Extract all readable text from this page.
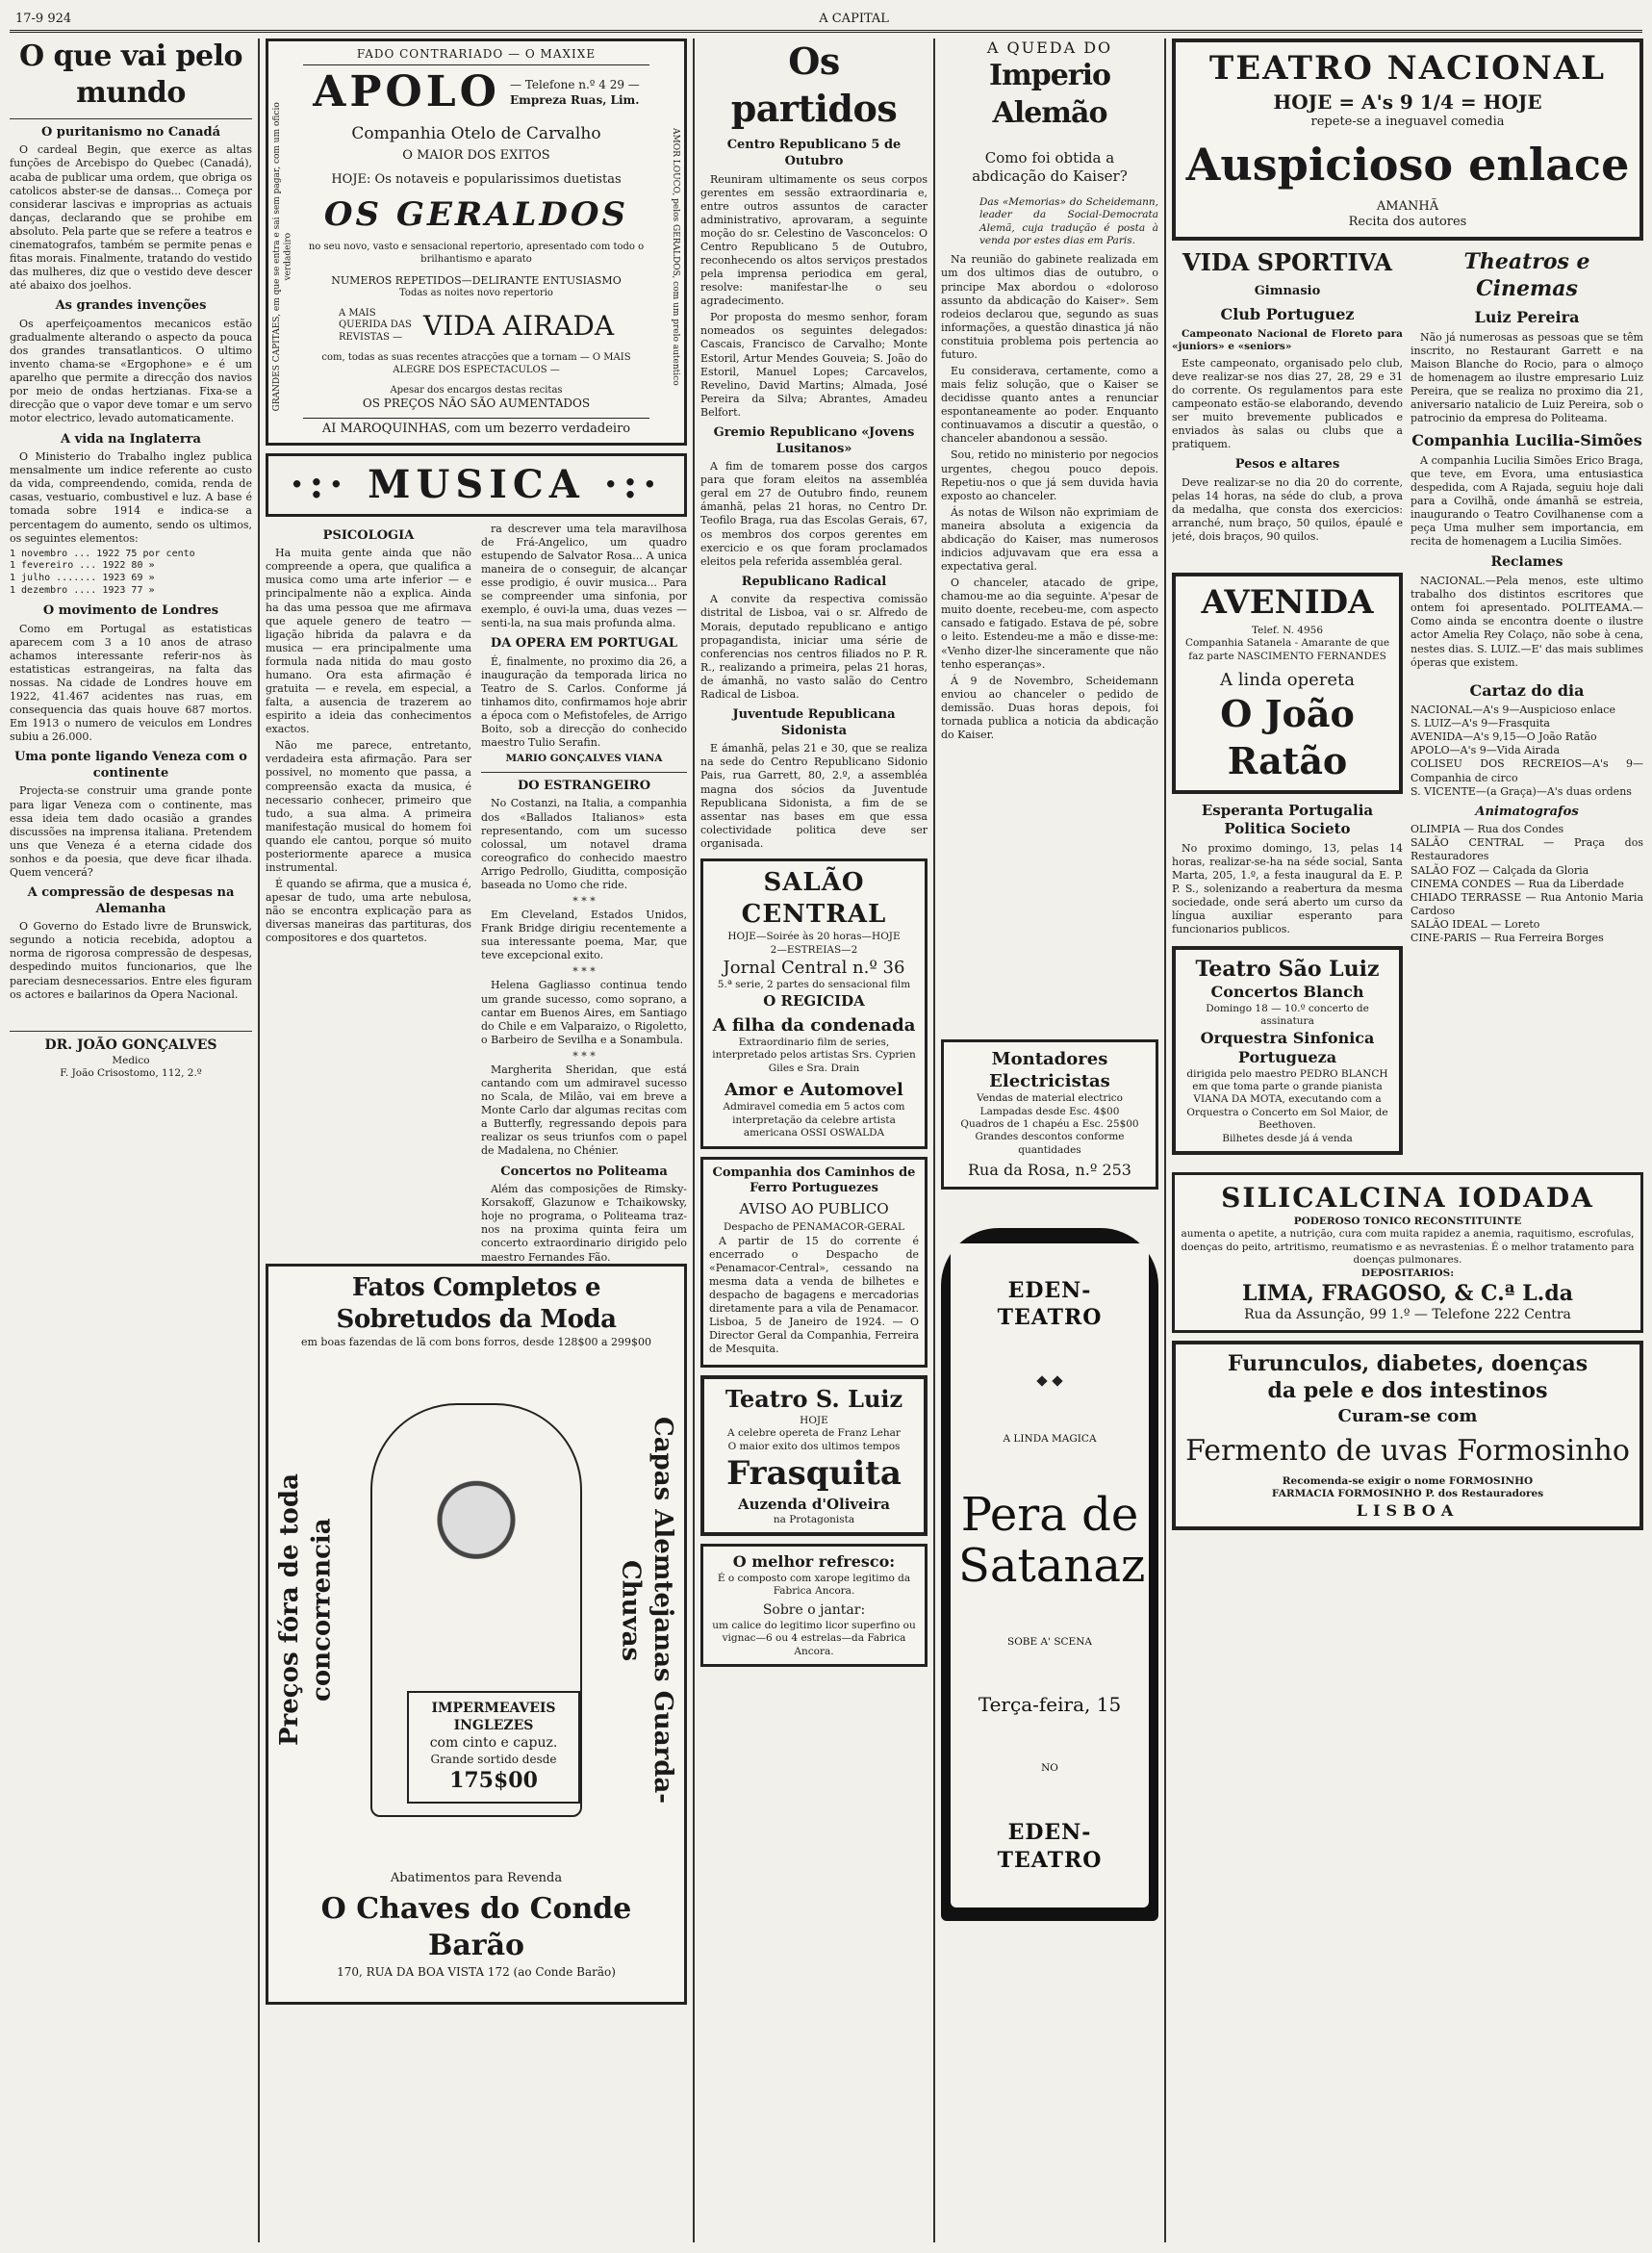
17-9 924	A CAPITAL
O que vai pelo mundo
O puritanismo no Canadá

O cardeal Begin, que exerce as altas funções de Arcebispo do Quebec (Canadá), acaba de publicar uma ordem, que obriga os catolicos abster-se de dansas... Começa por considerar lascivas e improprias as actuais danças, declarando que se prohibe em absoluto. Pela parte que se refere a teatros e cinematografos, também se permite penas e fitas morais. Finalmente, tratando do vestido das mulheres, diz que o vestido deve descer até abaixo dos joelhos.

As grandes invenções

Os aperfeiçoamentos mecanicos estão gradualmente alterando o aspecto da pouca dos grandes transatlanticos. O ultimo invento chama-se «Ergophone» e é um aparelho que permite a direcção dos navios por meio de ondas hertzianas. Fixa-se a direcção que o vapor deve tomar e um servo motor electrico, levado automaticamente.

A vida na Inglaterra

O Ministerio do Trabalho inglez publica mensalmente um indice referente ao custo da vida, compreendendo, comida, renda de casas, vestuario, combustivel e luz. A base é tomada sobre 1914 e indica-se a percentagem do aumento, sendo os ultimos, os seguintes elementos:

1 novembro ... 1922 75 por cento
1 fevereiro ... 1922 80 »
1 julho ....... 1923 69 »
1 dezembro .... 1923 77 »
O movimento de Londres

Como em Portugal as estatisticas aparecem com 3 a 10 anos de atraso achamos interessante referir-nos às estatisticas estrangeiras, na falta das nossas. Na cidade de Londres houve em 1922, 41.467 acidentes nas ruas, em consequencia das quais houve 687 mortos. Em 1913 o numero de veiculos em Londres subiu a 26.000.

Uma ponte ligando Veneza com o continente

Projecta-se construir uma grande ponte para ligar Veneza com o continente, mas essa ideia tem dado ocasião a grandes discussões na imprensa italiana. Pretendem uns que Veneza é a eterna cidade dos sonhos e da poesia, que deve ficar ilhada. Quem vencerá?

A compressão de despesas na Alemanha

O Governo do Estado livre de Brunswick, segundo a noticia recebida, adoptou a norma de rigorosa compressão de despesas, despedindo muitos funcionarios, que lhe pareciam desnecessarios. Entre eles figuram os actores e bailarinos da Opera Nacional.

DR. JOÃO GONÇALVES
Medico
F. João Crisostomo, 112, 2.º
GRANDES CAPITAES, em que se entra e sai sem pagar, com um oficio verdadeiro	AMOR LOUCO, pelos GERALDOS, com um prelo autentico
FADO CONTRARIADO — O MAXIXE
APOLO — Telefone n.º 4 29 —
Empreza Ruas, Lim.
Companhia Otelo de Carvalho
O MAIOR DOS EXITOS
HOJE: Os notaveis e popularissimos duetistas
OS GERALDOS
no seu novo, vasto e sensacional repertorio, apresentado com todo o brilhantismo e aparato
NUMEROS REPETIDOS—DELIRANTE ENTUSIASMO
Todas as noites novo repertorio
A MAIS QUERIDA DAS REVISTAS — VIDA AIRADA
com, todas as suas recentes atracções que a tornam — O MAIS ALEGRE DOS ESPECTACULOS —
Apesar dos encargos destas recitas
OS PREÇOS NÃO SÃO AUMENTADOS
AI MAROQUINHAS, com um bezerro verdadeiro
·:· MUSICA ·:·
PSICOLOGIA

Ha muita gente ainda que não compreende a opera, que qualifica a musica como uma arte inferior — e principalmente não a explica. Ainda ha das uma pessoa que me afirmava que aquele genero de teatro — ligação hibrida da palavra e da musica — era principalmente uma formula nada nitida do mau gosto humano. Ora esta afirmação é gratuita — e revela, em especial, a falta, a ausencia de trazerem ao espirito a ideia das conhecimentos exactos.

Não me parece, entretanto, verdadeira esta afirmação. Para ser possivel, no momento que passa, a compreensão exacta da musica, é necessario conhecer, primeiro que tudo, a sua alma. A primeira manifestação musical do homem foi quando ele cantou, porque só muito posteriormente aparece a musica instrumental.

É quando se afirma, que a musica é, apesar de tudo, uma arte nebulosa, não se encontra explicação para as diversas maneiras das partituras, dos compositores e dos quartetos.

ra descrever uma tela maravilhosa de Frá-Angelico, um quadro estupendo de Salvator Rosa... A unica maneira de o conseguir, de alcançar esse prodigio, é ouvir musica... Para se compreender uma sinfonia, por exemplo, é ouvi-la uma, duas vezes — senti-la, na sua mais profunda alma.

DA OPERA EM PORTUGAL

É, finalmente, no proximo dia 26, a inauguração da temporada lirica no Teatro de S. Carlos. Conforme já tinhamos dito, confirmamos hoje abrir a época com o Mefistofeles, de Arrigo Boito, sob a direcção do conhecido maestro Tulio Serafin.

MARIO GONÇALVES VIANA
DO ESTRANGEIRO

No Costanzi, na Italia, a companhia dos «Ballados Italianos» esta representando, com um sucesso colossal, um notavel drama coreografico do conhecido maestro Arrigo Pedrollo, Giuditta, composição baseada no Uomo che ride.

* * *

Em Cleveland, Estados Unidos, Frank Bridge dirigiu recentemente a sua interessante poema, Mar, que teve excepcional exito.

* * *

Helena Gagliasso continua tendo um grande sucesso, como soprano, a cantar em Buenos Aires, em Santiago do Chile e em Valparaizo, o Rigoletto, o Barbeiro de Sevilha e a Sonambula.

* * *

Margherita Sheridan, que está cantando com um admiravel sucesso no Scala, de Milão, vai em breve a Monte Carlo dar algumas recitas com a Butterfly, regressando depois para realizar os seus triunfos com o papel de Madalena, no Chénier.

Concertos no Politeama

Além das composições de Rimsky-Korsakoff, Glazunow e Tchaikowsky, hoje no programa, o Politeama traz-nos na proxima quinta feira um concerto extraordinario dirigido pelo maestro Fernandes Fão.

Fatos Completos e Sobretudos da Moda
em boas fazendas de lã com bons forros, desde 128$00 a 299$00
Preços fóra de toda concorrencia
IMPERMEAVEIS
INGLEZES
com cinto e capuz.
Grande sortido desde
175$00	Capas Alemtejanas Guarda-Chuvas
Abatimentos para Revenda
O Chaves do Conde Barão
170, RUA DA BOA VISTA 172 (ao Conde Barão)
Os partidos
Centro Republicano 5 de Outubro

Reuniram ultimamente os seus corpos gerentes em sessão extraordinaria e, entre outros assuntos de caracter administrativo, aprovaram, a seguinte moção do sr. Celestino de Vasconcelos: O Centro Republicano 5 de Outubro, reconhecendo os altos serviços prestados pela imprensa periodica em geral, resolve: manifestar-lhe o seu agradecimento.

Por proposta do mesmo senhor, foram nomeados os seguintes delegados: Cascais, Francisco de Carvalho; Monte Estoril, Artur Mendes Gouveia; S. João do Estoril, Manuel Lopes; Carcavelos, Revelino, David Martins; Almada, José Pereira da Silva; Abrantes, Amadeu Belfort.

Gremio Republicano «Jovens Lusitanos»

A fim de tomarem posse dos cargos para que foram eleitos na assembléa geral em 27 de Outubro findo, reunem ámanhã, pelas 21 horas, no Centro Dr. Teofilo Braga, rua das Escolas Gerais, 67, os membros dos corpos gerentes em exercicio e os que foram proclamados eleitos pela referida assembléa geral.

Republicano Radical

A convite da respectiva comissão distrital de Lisboa, vai o sr. Alfredo de Morais, deputado republicano e antigo propagandista, iniciar uma série de conferencias nos centros filiados no P. R. R., realizando a primeira, pelas 21 horas, de ámanhã, no vasto salão do Centro Radical de Lisboa.

Juventude Republicana Sidonista

E ámanhã, pelas 21 e 30, que se realiza na sede do Centro Republicano Sidonio Pais, rua Garrett, 80, 2.º, a assembléa magna dos sócios da Juventude Republicana Sidonista, a fim de se assentar nas bases em que essa colectividade politica deve ser organisada.

SALÃO CENTRAL
HOJE—Soirée às 20 horas—HOJE
2—ESTREIAS—2
Jornal Central n.º 36
5.ª serie, 2 partes do sensacional film
O REGICIDA
A filha da condenada
Extraordinario film de series, interpretado pelos artistas Srs. Cyprien Giles e Sra. Drain
Amor e Automovel
Admiravel comedia em 5 actos com interpretação da celebre artista americana OSSI OSWALDA
Companhia dos Caminhos de Ferro Portuguezes
AVISO AO PUBLICO
Despacho de PENAMACOR-GERAL

A partir de 15 do corrente é encerrado o Despacho de «Penamacor-Central», cessando na mesma data a venda de bilhetes e despacho de bagagens e mercadorias diretamente para a vila de Penamacor. Lisboa, 5 de Janeiro de 1924. — O Director Geral da Companhia, Ferreira de Mesquita.

Teatro S. Luiz
HOJE
A celebre opereta de Franz Lehar
O maior exito dos ultimos tempos
Frasquita
Auzenda d'Oliveira
na Protagonista
O melhor refresco:
É o composto com xarope legitimo da Fabrica Ancora.
Sobre o jantar:
um calice do legitimo licor superfino ou vignac—6 ou 4 estrelas—da Fabrica Ancora.
A QUEDA DO
Imperio Alemão
Como foi obtida a abdicação do Kaiser?
Das «Memorias» do Scheidemann, leader da Social-Democrata Alemã, cuja tradução é posta à venda por estes dias em Paris.

Na reunião do gabinete realizada em um dos ultimos dias de outubro, o principe Max abordou o «doloroso assunto da abdicação do Kaiser». Sem rodeios declarou que, segundo as suas informações, a questão dinastica já não constituia problema pois pertencia ao futuro.

Eu considerava, certamente, como a mais feliz solução, que o Kaiser se decidisse quanto antes a renunciar espontaneamente ao poder. Enquanto continuavamos a discutir a questão, o chanceler abandonou a sessão.

Sou, retido no ministerio por negocios urgentes, chegou pouco depois. Repetiu-nos o que já sem duvida havia exposto ao chanceler.

Ás notas de Wilson não exprimiam de maneira absoluta a exigencia da abdicação do Kaiser, mas numerosos indicios adjuvavam que era essa a expectativa geral.

O chanceler, atacado de gripe, chamou-me ao dia seguinte. A'pesar de muito doente, recebeu-me, com aspecto cansado e fatigado. Estava de pé, sobre o leito. Estendeu-me a mão e disse-me: «Venho dizer-lhe sinceramente que não tenho esperanças».

Á 9 de Novembro, Scheidemann enviou ao chanceler o pedido de demissão. Duas horas depois, foi tornada publica a noticia da abdicação do Kaiser.

Montadores Electricistas
Vendas de material electrico
Lampadas desde Esc. 4$00
Quadros de 1 chapéu a Esc. 25$00
Grandes descontos conforme quantidades
Rua da Rosa, n.º 253
EDEN-TEATRO
A LINDA MAGICA
Pera de Satanaz
SOBE A' SCENA
Terça-feira, 15
NO
EDEN-TEATRO
TEATRO NACIONAL
HOJE = A's 9 1/4 = HOJE
repete-se a ineguavel comedia
Auspicioso enlace
AMANHÃ
Recita dos autores
VIDA SPORTIVA
Gimnasio
Club Portuguez

Campeonato Nacional de Floreto para «juniors» e «seniors»

Este campeonato, organisado pelo club, deve realizar-se nos dias 27, 28, 29 e 31 do corrente. Os regulamentos para este campeonato estão-se elaborando, devendo ser muito brevemente publicados e enviados às salas ou clubs que a pratiquem.

Pesos e altares

Deve realizar-se no dia 20 do corrente, pelas 14 horas, na séde do club, a prova da medalha, que consta dos exercicios: arranché, num braço, 50 quilos, épaulé e jeté, dois braços, 90 quilos.

AVENIDA
Telef. N. 4956
Companhia Satanela - Amarante de que faz parte NASCIMENTO FERNANDES
A linda opereta
O João Ratão
Esperanta Portugalia Politica Societo

No proximo domingo, 13, pelas 14 horas, realizar-se-ha na séde social, Santa Marta, 205, 1.º, a festa inaugural da E. P. P. S., solenizando a reabertura da mesma sociedade, onde será aberto um curso da língua auxiliar esperanto para funcionarios publicos.

Teatro São Luiz
Concertos Blanch
Domingo 18 — 10.º concerto de assinatura
Orquestra Sinfonica Portugueza
dirigida pelo maestro PEDRO BLANCH
em que toma parte o grande pianista VIANA DA MOTA, executando com a Orquestra o Concerto em Sol Maior, de Beethoven.
Bilhetes desde já á venda
Theatros e Cinemas
Luiz Pereira

Não já numerosas as pessoas que se têm inscrito, no Restaurant Garrett e na Maison Blanche do Rocio, para o almoço de homenagem ao ilustre empresario Luiz Pereira, que se realiza no proximo dia 21, aniversario natalicio de Luiz Pereira, sob o patrocinio da empresa do Politeama.

Companhia Lucilia-Simões

A companhia Lucilia Simões Erico Braga, que teve, em Evora, uma entusiastica despedida, com A Rajada, seguiu hoje dali para a Covilhã, onde ámanhã se estreia, inaugurando o Teatro Covilhanense com a peça Uma mulher sem importancia, em recita de homenagem a Lucilia Simões.

Reclames

NACIONAL.—Pela menos, este ultimo trabalho dos distintos escritores que ontem foi apresentado. POLITEAMA.—Como ainda se encontra doente o ilustre actor Amelia Rey Colaço, não sobe à cena, nestes dias. S. LUIZ.—E' das mais sublimes óperas que existem.

Cartaz do dia
NACIONAL—A's 9—Auspicioso enlace
S. LUIZ—A's 9—Frasquita
AVENIDA—A's 9,15—O João Ratão
APOLO—A's 9—Vida Airada
COLISEU DOS RECREIOS—A's 9—Companhia de circo
S. VICENTE—(a Graça)—A's duas ordens
Animatografos
OLIMPIA — Rua dos Condes
SALÃO CENTRAL — Praça dos Restauradores
SALÃO FOZ — Calçada da Gloria
CINEMA CONDES — Rua da Liberdade
CHIADO TERRASSE — Rua Antonio Maria Cardoso
SALÃO IDEAL — Loreto
CINE-PARIS — Rua Ferreira Borges
SILICALCINA IODADA
PODEROSO TONICO RECONSTITUINTE
aumenta o apetite, a nutrição, cura com muita rapidez a anemia, raquitismo, escrofulas, doenças do peito, artritismo, reumatismo e as nevrastenias. É o melhor tratamento para doenças pulmonares.
DEPOSITARIOS:
LIMA, FRAGOSO, & C.ª L.da
Rua da Assunção, 99 1.º — Telefone 222 Centra
Furunculos, diabetes, doenças
da pele e dos intestinos
Curam-se com
Fermento de uvas Formosinho
Recomenda-se exigir o nome FORMOSINHO
FARMACIA FORMOSINHO P. dos Restauradores
LISBOA
